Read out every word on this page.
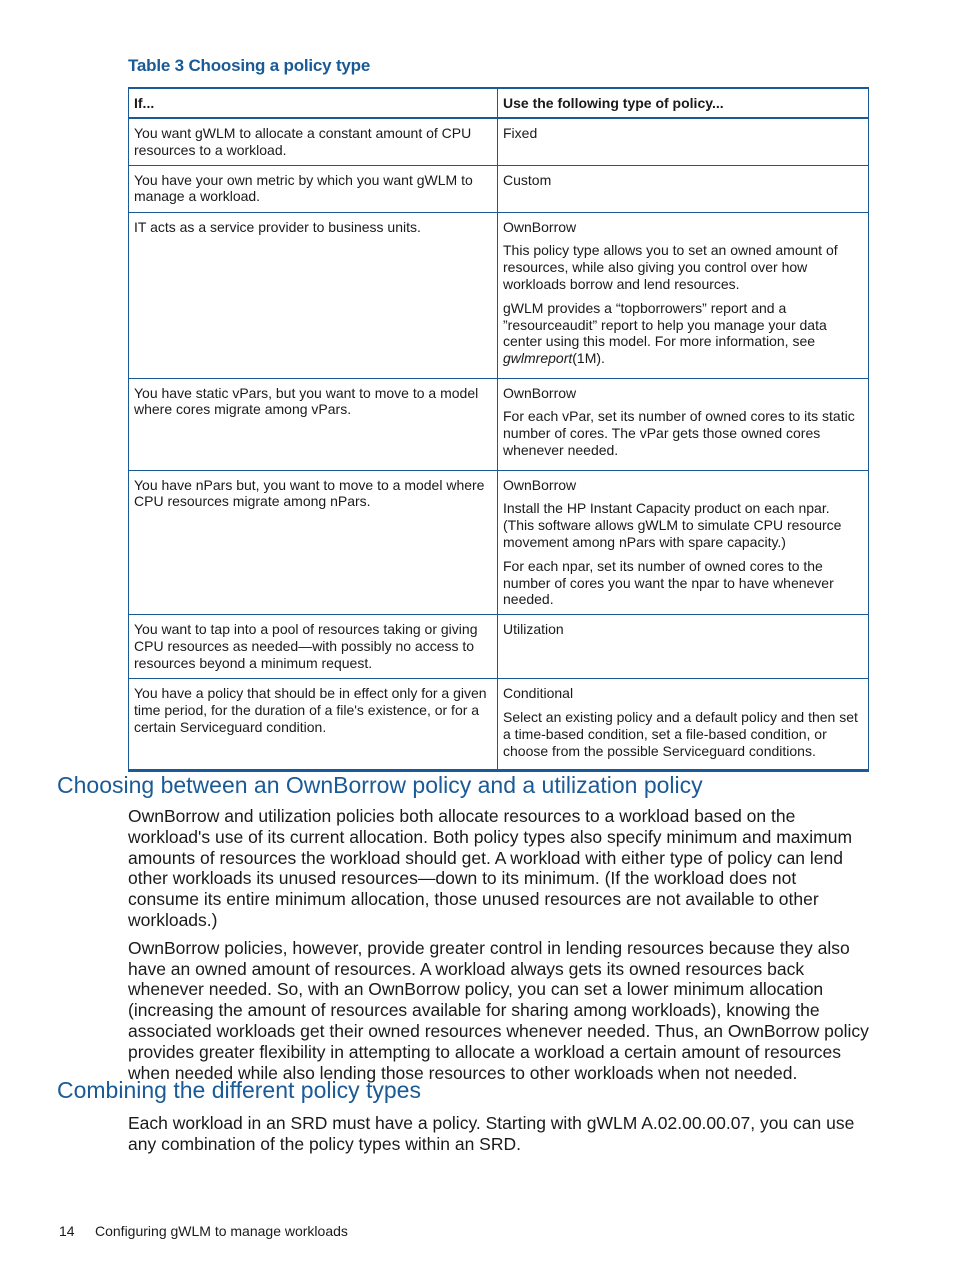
Table 3 Choosing a policy type
If...	Use the following type of policy...
You want gWLM to allocate a constant amount of CPU resources to a workload.	Fixed

You have your own metric by which you want gWLM to manage a workload.	Custom

IT acts as a service provider to business units.	OwnBorrow

This policy type allows you to set an owned amount of resources, while also giving you control over how workloads borrow and lend resources.

gWLM provides a “topborrowers” report and a ”resourceaudit” report to help you manage your data center using this model. For more information, see gwlmreport(1M).

You have static vPars, but you want to move to a model where cores migrate among vPars.	OwnBorrow

For each vPar, set its number of owned cores to its static number of cores. The vPar gets those owned cores whenever needed.

You have nPars but, you want to move to a model where CPU resources migrate among nPars.	OwnBorrow

Install the HP Instant Capacity product on each npar. (This software allows gWLM to simulate CPU resource movement among nPars with spare capacity.)

For each npar, set its number of owned cores to the number of cores you want the npar to have whenever needed.

You want to tap into a pool of resources taking or giving CPU resources as needed—with possibly no access to resources beyond a minimum request.	Utilization

You have a policy that should be in effect only for a given time period, for the duration of a file's existence, or for a certain Serviceguard condition.	Conditional

Select an existing policy and a default policy and then set a time-based condition, set a file-based condition, or choose from the possible Serviceguard conditions.

Choosing between an OwnBorrow policy and a utilization policy

OwnBorrow and utilization policies both allocate resources to a workload based on the workload's use of its current allocation. Both policy types also specify minimum and maximum amounts of resources the workload should get. A workload with either type of policy can lend other workloads its unused resources—down to its minimum. (If the workload does not consume its entire minimum allocation, those unused resources are not available to other workloads.)

OwnBorrow policies, however, provide greater control in lending resources because they also have an owned amount of resources. A workload always gets its owned resources back whenever needed. So, with an OwnBorrow policy, you can set a lower minimum allocation (increasing the amount of resources available for sharing among workloads), knowing the associated workloads get their owned resources whenever needed. Thus, an OwnBorrow policy provides greater flexibility in attempting to allocate a workload a certain amount of resources when needed while also lending those resources to other workloads when not needed.

Combining the different policy types

Each workload in an SRD must have a policy. Starting with gWLM A.02.00.00.07, you can use any combination of the policy types within an SRD.

14 Configuring gWLM to manage workloads
